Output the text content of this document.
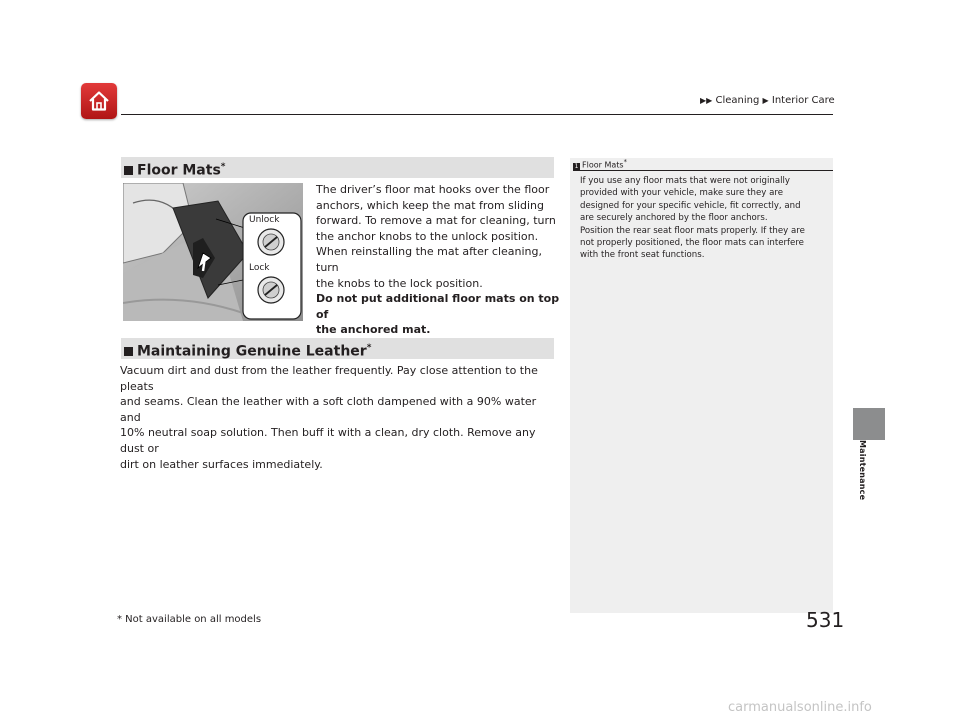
▶▶ Cleaning ▶ Interior Care
Maintenance
Floor Mats*
Unlock
Lock
The driver’s floor mat hooks over the floor
anchors, which keep the mat from sliding
forward. To remove a mat for cleaning, turn
the anchor knobs to the unlock position.
When reinstalling the mat after cleaning, turn
the knobs to the lock position.
Do not put additional floor mats on top of
the anchored mat.
Maintaining Genuine Leather*
Vacuum dirt and dust from the leather frequently. Pay close attention to the pleats
and seams. Clean the leather with a soft cloth dampened with a 90% water and
10% neutral soap solution. Then buff it with a clean, dry cloth. Remove any dust or
dirt on leather surfaces immediately.
1 Floor Mats*
If you use any floor mats that were not originally
provided with your vehicle, make sure they are
designed for your specific vehicle, fit correctly, and
are securely anchored by the floor anchors.
Position the rear seat floor mats properly. If they are
not properly positioned, the floor mats can interfere
with the front seat functions.
* Not available on all models	531
carmanualsonline.info
